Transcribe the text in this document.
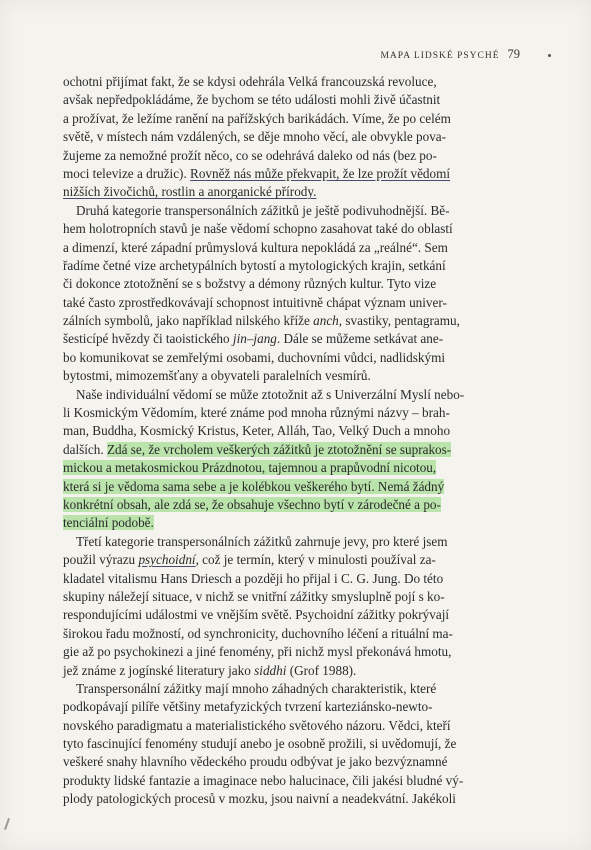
MAPA LIDSKÉ PSYCHÉ 79
ochotni přijímat fakt, že se kdysi odehrála Velká francouzská revoluce,
avšak nepředpokládáme, že bychom se této události mohli živě účastnit
a prožívat, že ležíme ranění na pařížských barikádách. Víme, že po celém
světě, v místech nám vzdálených, se děje mnoho věcí, ale obvykle pova-
žujeme za nemožné prožít něco, co se odehrává daleko od nás (bez po-
moci televize a družic). Rovněž nás může překvapit, že lze prožít vědomí
nižších živočichů, rostlin a anorganické přírody.
Druhá kategorie transpersonálních zážitků je ještě podivuhodnější. Bě-
hem holotropních stavů je naše vědomí schopno zasahovat také do oblastí
a dimenzí, které západní průmyslová kultura nepokládá za „reálné“. Sem
řadíme četné vize archetypálních bytostí a mytologických krajin, setkání
či dokonce ztotožnění se s božstvy a démony různých kultur. Tyto vize
také často zprostředkovávají schopnost intuitivně chápat význam univer-
zálních symbolů, jako například nilského kříže anch, svastiky, pentagramu,
šesticípé hvězdy či taoistického jin–jang. Dále se můžeme setkávat ane-
bo komunikovat se zemřelými osobami, duchovními vůdci, nadlidskými
bytostmi, mimozemšťany a obyvateli paralelních vesmírů.
Naše individuální vědomí se může ztotožnit až s Univerzální Myslí nebo-
li Kosmickým Vědomím, které známe pod mnoha různými názvy – brah-
man, Buddha, Kosmický Kristus, Keter, Alláh, Tao, Velký Duch a mnoho
dalších. Zdá se, že vrcholem veškerých zážitků je ztotožnění se suprakos-
mickou a metakosmickou Prázdnotou, tajemnou a prapůvodní nicotou,
která si je vědoma sama sebe a je kolébkou veškerého bytí. Nemá žádný
konkrétní obsah, ale zdá se, že obsahuje všechno bytí v zárodečné a po-
tenciální podobě.
Třetí kategorie transpersonálních zážitků zahrnuje jevy, pro které jsem
použil výrazu psychoidní, což je termín, který v minulosti používal za-
kladatel vitalismu Hans Driesch a později ho přijal i C. G. Jung. Do této
skupiny náležejí situace, v nichž se vnitřní zážitky smysluplně pojí s ko-
respondujícími událostmi ve vnějším světě. Psychoidní zážitky pokrývají
širokou řadu možností, od synchronicity, duchovního léčení a rituální ma-
gie až po psychokinezi a jiné fenomény, při nichž mysl překonává hmotu,
jež známe z jogínské literatury jako siddhi (Grof 1988).
Transpersonální zážitky mají mnoho záhadných charakteristik, které
podkopávají pilíře většiny metafyzických tvrzení karteziánsko-newto-
novského paradigmatu a materialistického světového názoru. Vědci, kteří
tyto fascinující fenomény studují anebo je osobně prožili, si uvědomují, že
veškeré snahy hlavního vědeckého proudu odbývat je jako bezvýznamné
produkty lidské fantazie a imaginace nebo halucinace, čili jakési bludné vý-
plody patologických procesů v mozku, jsou naivní a neadekvátní. Jakékoli
